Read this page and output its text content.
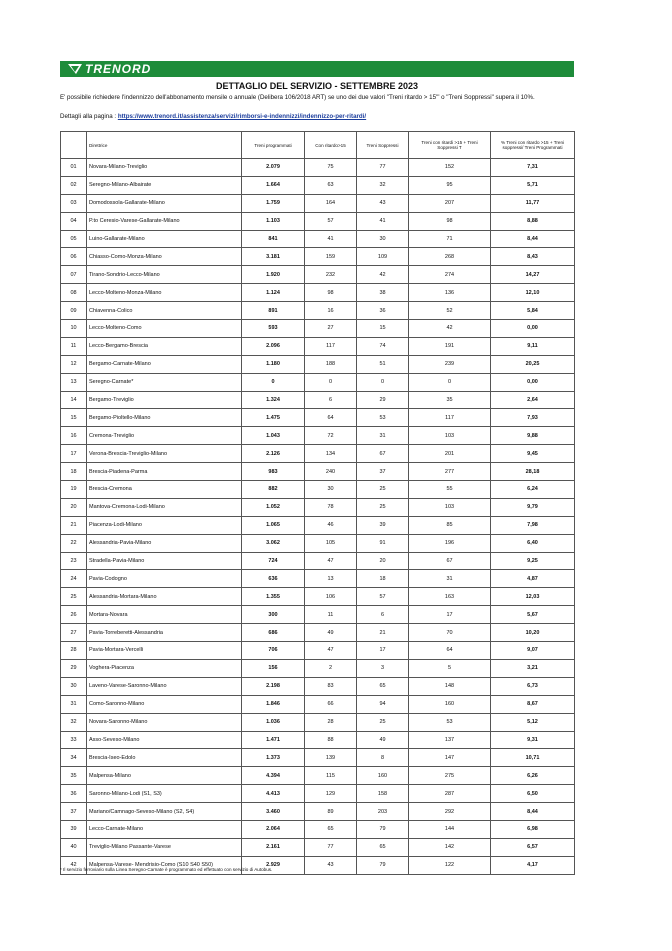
TRENORD
DETTAGLIO DEL SERVIZIO - SETTEMBRE 2023
E' possibile richiedere l'indennizzo dell'abbonamento mensile o annuale (Delibera 106/2018 ART) se uno dei due valori "Treni ritardo > 15'" o "Treni Soppressi" supera il 10%.
Dettagli alla pagina : https://www.trenord.it/assistenza/servizi/rimborsi-e-indennizzi/indennizzo-per-ritardi/
	Direttrice	Treni programmati	Con ritardo>15	Treni Soppressi	Treni con ritardi >15 + Treni Soppressi T	% Treni con ritardo >15 + Treni soppressi/ Treni Programmati
01	Novara-Milano-Treviglio	2.079	75	77	152	7,31
02	Seregno-Milano-Albairate	1.664	63	32	95	5,71
03	Domodossola-Gallarate-Milano	1.759	164	43	207	11,77
04	P.to Ceresio-Varese-Gallarate-Milano	1.103	57	41	98	8,88
05	Luino-Gallarate-Milano	841	41	30	71	8,44
06	Chiasso-Como-Monza-Milano	3.181	159	109	268	8,43
07	Tirano-Sondrio-Lecco-Milano	1.920	232	42	274	14,27
08	Lecco-Molteno-Monza-Milano	1.124	98	38	136	12,10
09	Chiavenna-Colico	891	16	36	52	5,84
10	Lecco-Molteno-Como	593	27	15	42	0,00
11	Lecco-Bergamo-Brescia	2.096	117	74	191	9,11
12	Bergamo-Carnate-Milano	1.180	188	51	239	20,25
13	Seregno-Carnate*	0	0	0	0	0,00
14	Bergamo-Treviglio	1.324	6	29	35	2,64
15	Bergamo-Pioltello-Milano	1.475	64	53	117	7,93
16	Cremona-Treviglio	1.043	72	31	103	9,88
17	Verona-Brescia-Treviglio-Milano	2.126	134	67	201	9,45
18	Brescia-Piadena-Parma	983	240	37	277	28,18
19	Brescia-Cremona	882	30	25	55	6,24
20	Mantova-Cremona-Lodi-Milano	1.052	78	25	103	9,79
21	Piacenza-Lodi-Milano	1.065	46	39	85	7,98
22	Alessandria-Pavia-Milano	3.062	105	91	196	6,40
23	Stradella-Pavia-Milano	724	47	20	67	9,25
24	Pavia-Codogno	636	13	18	31	4,87
25	Alessandria-Mortara-Milano	1.355	106	57	163	12,03
26	Mortara-Novara	300	11	6	17	5,67
27	Pavia-Torreberetti-Alessandria	686	49	21	70	10,20
28	Pavia-Mortara-Vercelli	706	47	17	64	9,07
29	Voghera-Piacenza	156	2	3	5	3,21
30	Laveno-Varese-Saronno-Milano	2.198	83	65	148	6,73
31	Como-Saronno-Milano	1.846	66	94	160	8,67
32	Novara-Saronno-Milano	1.036	28	25	53	5,12
33	Asso-Seveso-Milano	1.471	88	49	137	9,31
34	Brescia-Iseo-Edolo	1.373	139	8	147	10,71
35	Malpensa-Milano	4.394	115	160	275	6,26
36	Saronno-Milano-Lodi (S1, S3)	4.413	129	158	287	6,50
37	Mariano/Camnago-Seveso-Milano (S2, S4)	3.460	89	203	292	8,44
39	Lecco-Carnate-Milano	2.064	65	79	144	6,98
40	Treviglio-Milano Passante-Varese	2.161	77	65	142	6,57
42	Malpensa-Varese- Mendrisio-Como (S10 S40 S50)	2.929	43	79	122	4,17
* Il servizio ferroviario sulla Linea Seregno-Carnate è programmato ed effettuato con servizio di Autobus.
